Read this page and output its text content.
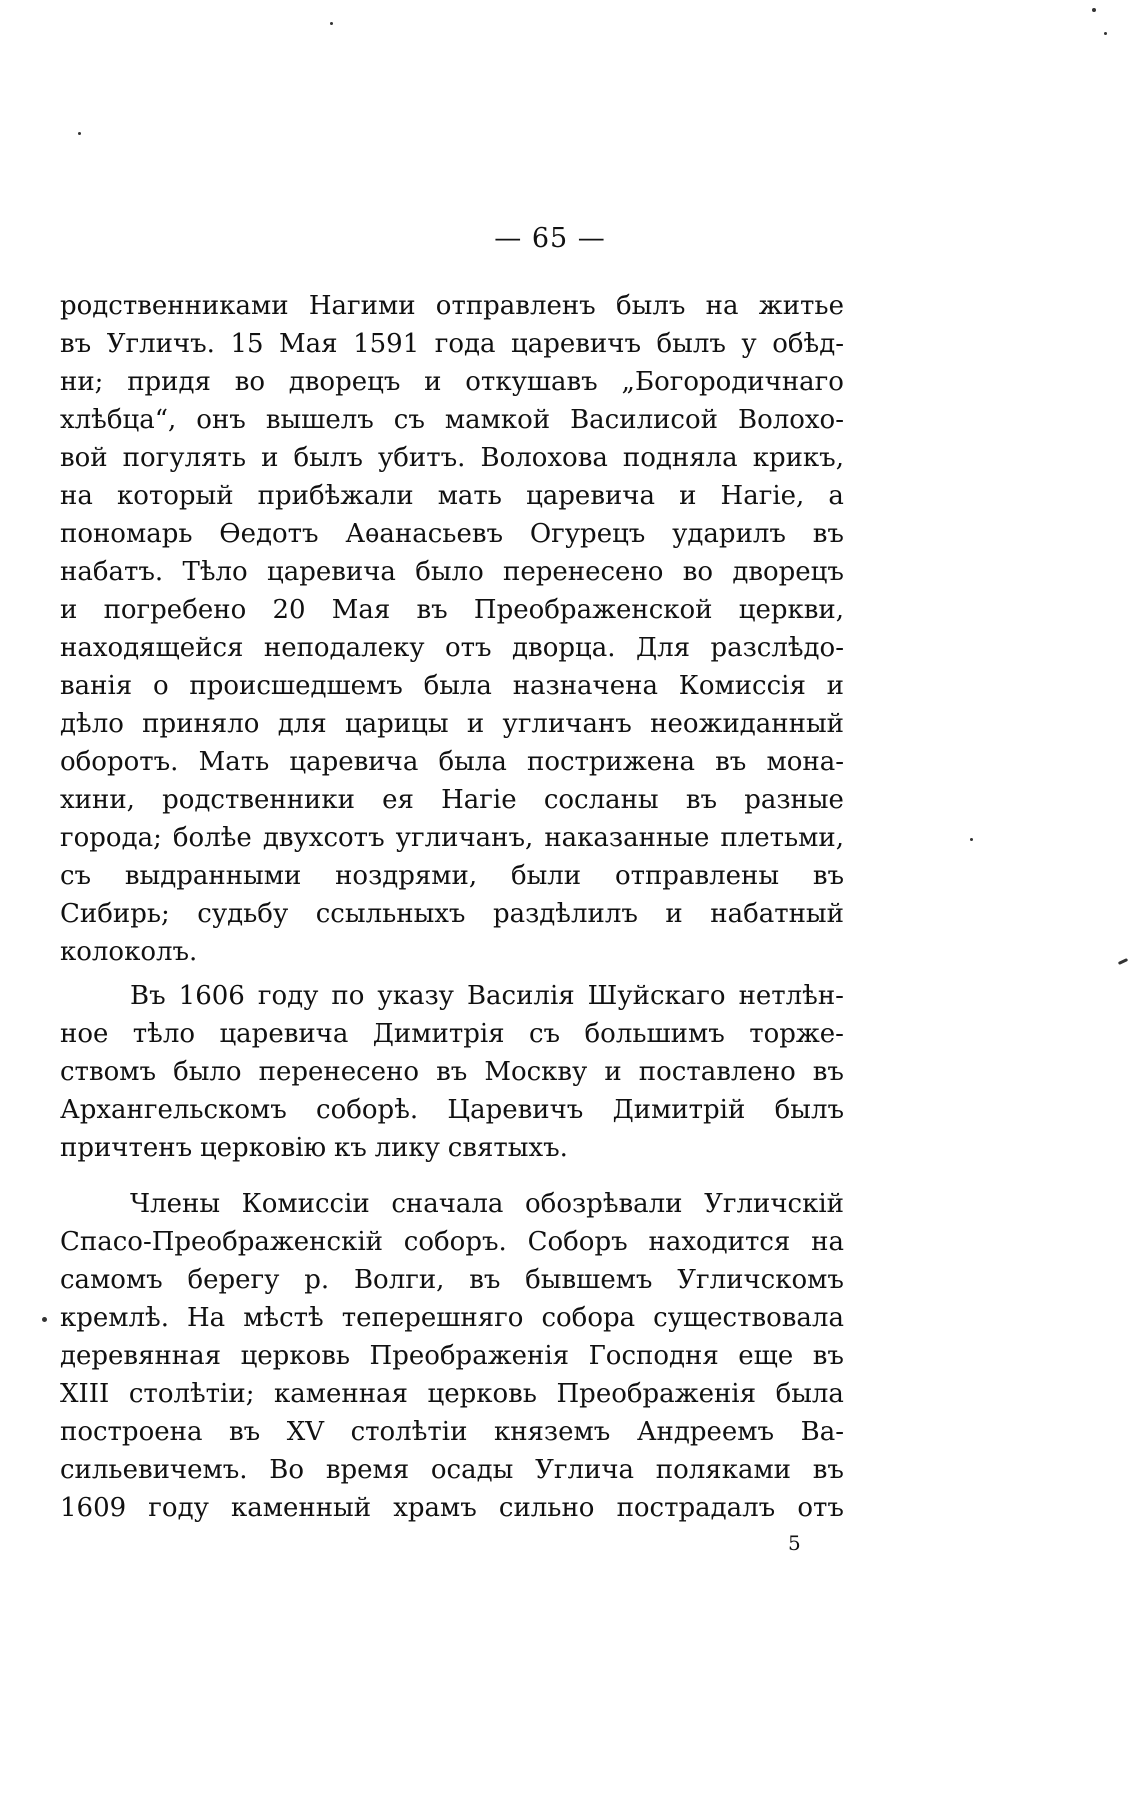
— 65 —
родственниками Нагими отправленъ былъ на житье
въ Угличъ. 15 Мая 1591 года царевичъ былъ у обѣд-
ни; придя во дворецъ и откушавъ „Богородичнаго
хлѣбца“, онъ вышелъ съ мамкой Василисой Волохо-
вой погулять и былъ убитъ. Волохова подняла крикъ,
на который прибѣжали мать царевича и Нагіе, а
пономарь Ѳедотъ Аѳанасьевъ Огурецъ ударилъ въ
набатъ. Тѣло царевича было перенесено во дворецъ
и погребено 20 Мая въ Преображенской церкви,
находящейся неподалеку отъ дворца. Для разслѣдо-
ванія о происшедшемъ была назначена Комиссія и
дѣло приняло для царицы и угличанъ неожиданный
оборотъ. Мать царевича была пострижена въ мона-
хини, родственники ея Нагіе сосланы въ разные
города; болѣе двухсотъ угличанъ, наказанные плетьми,
съ выдранными ноздрями, были отправлены въ
Сибирь; судьбу ссыльныхъ раздѣлилъ и набатный
колоколъ.
Въ 1606 году по указу Василія Шуйскаго нетлѣн-
ное тѣло царевича Димитрія съ большимъ торже-
ствомъ было перенесено въ Москву и поставлено въ
Архангельскомъ соборѣ. Царевичъ Димитрій былъ
причтенъ церковію къ лику святыхъ.
Члены Комиссіи сначала обозрѣвали Угличскій
Спасо-Преображенскій соборъ. Соборъ находится на
самомъ берегу р. Волги, въ бывшемъ Угличскомъ
кремлѣ. На мѣстѣ теперешняго собора существовала
деревянная церковь Преображенія Господня еще въ
XIII столѣтіи; каменная церковь Преображенія была
построена въ XV столѣтіи княземъ Андреемъ Ва-
сильевичемъ. Во время осады Углича поляками въ
1609 году каменный храмъ сильно пострадалъ отъ
5
